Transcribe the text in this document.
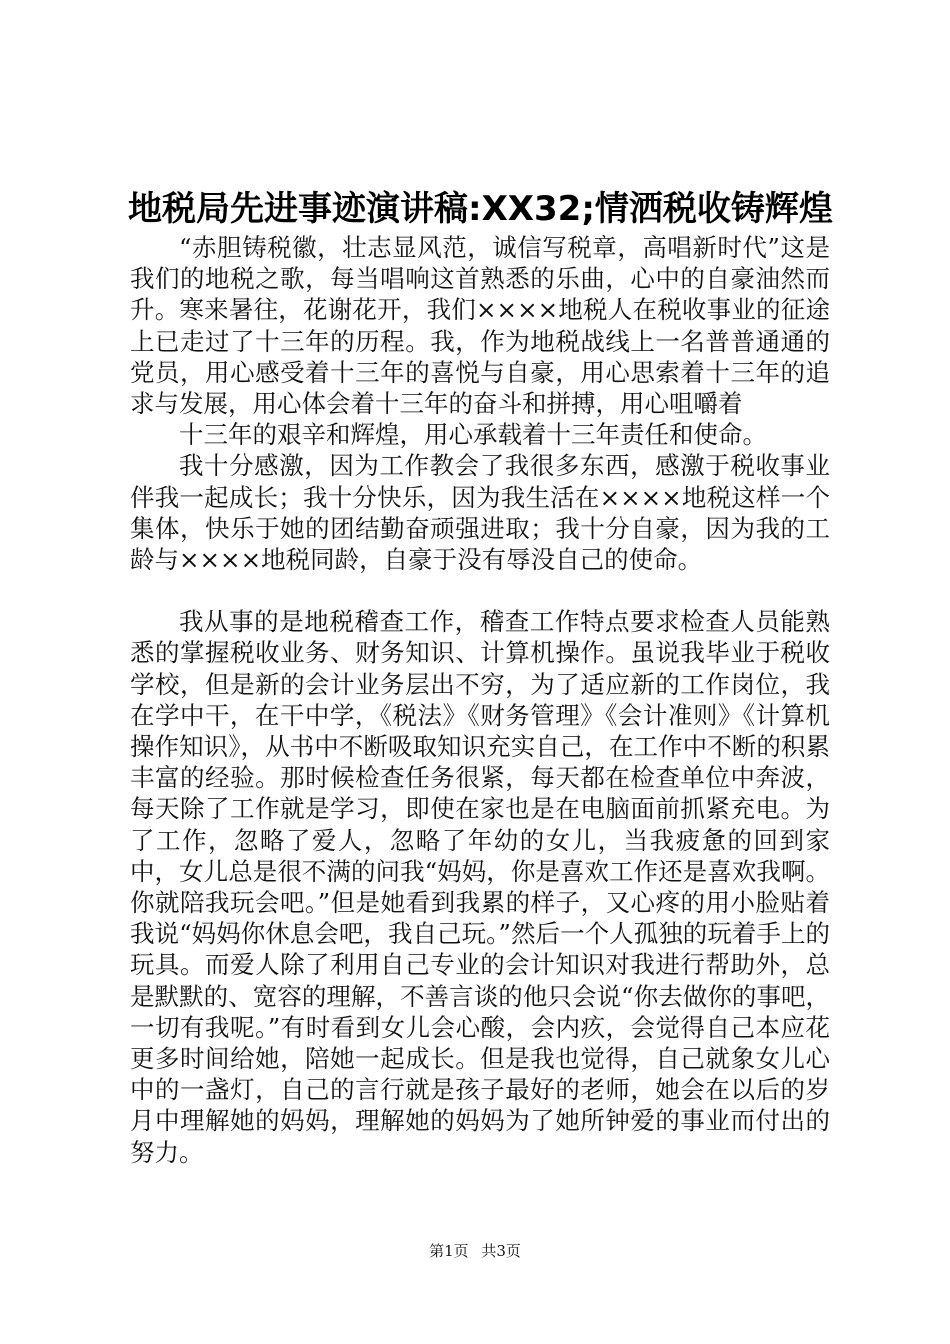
地税局先进事迹演讲稿:XX32;情洒税收铸辉煌

“赤胆铸税徽，壮志显风范，诚信写税章，高唱新时代”这是我们的地税之歌，每当唱响这首熟悉的乐曲，心中的自豪油然而升。寒来暑往，花谢花开，我们××××地税人在税收事业的征途上已走过了十三年的历程。我，作为地税战线上一名普普通通的党员，用心感受着十三年的喜悦与自豪，用心思索着十三年的追求与发展，用心体会着十三年的奋斗和拼搏，用心咀嚼着

十三年的艰辛和辉煌，用心承载着十三年责任和使命。

我十分感激，因为工作教会了我很多东西，感激于税收事业伴我一起成长；我十分快乐，因为我生活在××××地税这样一个集体，快乐于她的团结勤奋顽强进取；我十分自豪，因为我的工龄与××××地税同龄，自豪于没有辱没自己的使命。

我从事的是地税稽查工作，稽查工作特点要求检查人员能熟悉的掌握税收业务、财务知识、计算机操作。虽说我毕业于税收学校，但是新的会计业务层出不穷，为了适应新的工作岗位，我在学中干，在干中学，《税法》《财务管理》《会计准则》《计算机操作知识》，从书中不断吸取知识充实自己，在工作中不断的积累丰富的经验。那时候检查任务很紧，每天都在检查单位中奔波，每天除了工作就是学习，即使在家也是在电脑面前抓紧充电。为了工作，忽略了爱人，忽略了年幼的女儿，当我疲惫的回到家中，女儿总是很不满的问我“妈妈，你是喜欢工作还是喜欢我啊。你就陪我玩会吧。”但是她看到我累的样子，又心疼的用小脸贴着我说“妈妈你休息会吧，我自己玩。”然后一个人孤独的玩着手上的玩具。而爱人除了利用自己专业的会计知识对我进行帮助外，总是默默的、宽容的理解，不善言谈的他只会说“你去做你的事吧，一切有我呢。”有时看到女儿会心酸，会内疚，会觉得自己本应花更多时间给她，陪她一起成长。但是我也觉得，自己就象女儿心中的一盏灯，自己的言行就是孩子最好的老师，她会在以后的岁月中理解她的妈妈，理解她的妈妈为了她所钟爱的事业而付出的努力。

第1页 共3页
